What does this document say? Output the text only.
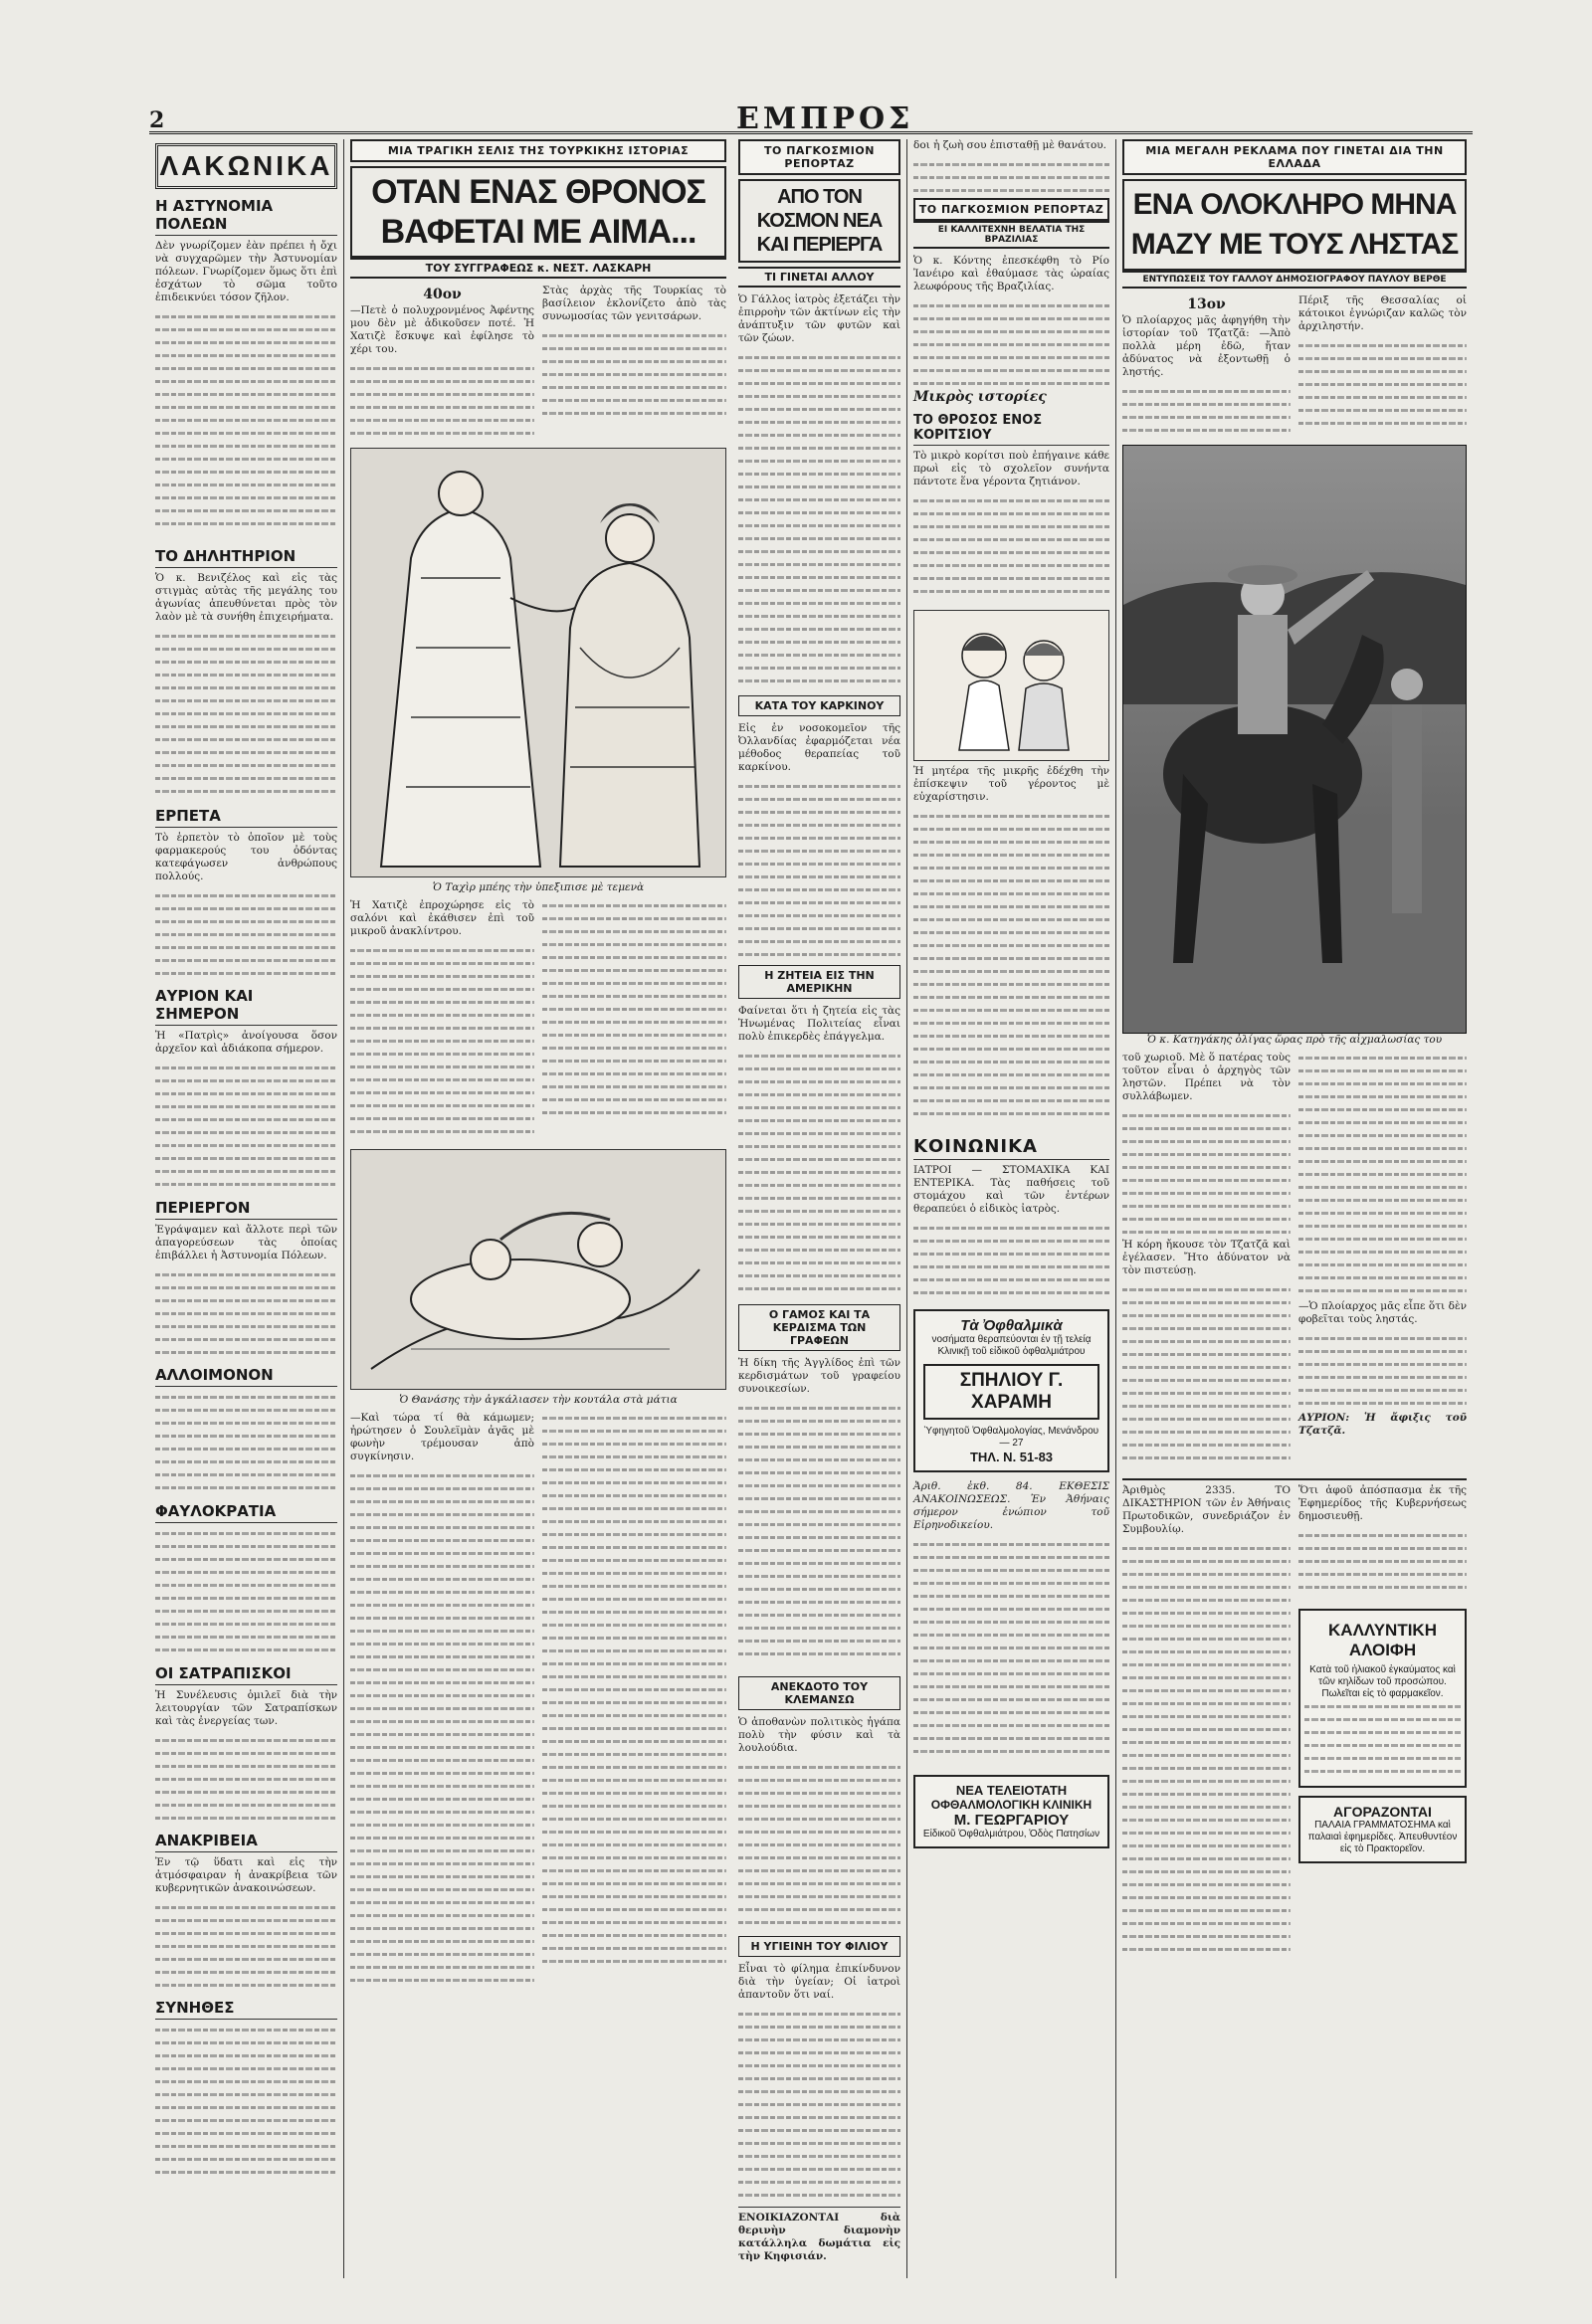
2	ΕΜΠΡΟΣ
ΛΑΚΩΝΙΚΑ
Η ΑΣΤΥΝΟΜΙΑ ΠΟΛΕΩΝ

Δὲν γνωρίζομεν ἐὰν πρέπει ἡ ὄχι νὰ συγχαρῶμεν τὴν Ἀστυνομίαν πόλεων. Γνωρίζομεν ὅμως ὅτι ἐπὶ ἐσχάτων τὸ σῶμα τοῦτο ἐπιδεικνύει τόσον ζῆλον.

ΤΟ ΔΗΛΗΤΗΡΙΟΝ

Ὁ κ. Βενιζέλος καὶ εἰς τὰς στιγμὰς αὐτὰς τῆς μεγάλης του ἀγωνίας ἀπευθύνεται πρὸς τὸν λαὸν μὲ τὰ συνήθη ἐπιχειρήματα.

ΕΡΠΕΤΑ

Τὸ ἑρπετὸν τὸ ὁποῖον μὲ τοὺς φαρμακερούς του ὀδόντας κατεφάγωσεν ἀνθρώπους πολλούς.

ΑΥΡΙΟΝ ΚΑΙ ΣΗΜΕΡΟΝ

Ἡ «Πατρὶς» ἀνοίγουσα ὅσον ἀρχεῖον καὶ ἀδιάκοπα σήμερον.

ΠΕΡΙΕΡΓΟΝ

Ἐγράψαμεν καὶ ἄλλοτε περὶ τῶν ἀπαγορεύσεων τὰς ὁποίας ἐπιβάλλει ἡ Ἀστυνομία Πόλεων.

ΑΛΛΟΙΜΟΝΟΝ
ΦΑΥΛΟΚΡΑΤΙΑ
ΟΙ ΣΑΤΡΑΠΙΣΚΟΙ

Ἡ Συνέλευσις ὁμιλεῖ διὰ τὴν λειτουργίαν τῶν Σατραπίσκων καὶ τὰς ἐνεργείας των.

ΑΝΑΚΡΙΒΕΙΑ

Ἐν τῷ ὕδατι καὶ εἰς τὴν ἀτμόσφαιραν ἡ ἀνακρίβεια τῶν κυβερνητικῶν ἀνακοινώσεων.

ΣΥΝΗΘΕΣ
ΜΙΑ ΤΡΑΓΙΚΗ ΣΕΛΙΣ ΤΗΣ ΤΟΥΡΚΙΚΗΣ ΙΣΤΟΡΙΑΣ
ΟΤΑΝ ΕΝΑΣ ΘΡΟΝΟΣ
ΒΑΦΕΤΑΙ ΜΕ ΑΙΜΑ...
ΤΟΥ ΣΥΓΓΡΑΦΕΩΣ κ. ΝΕΣΤ. ΛΑΣΚΑΡΗ
40ον

—Πετὲ ὁ πολυχρονμένος Ἀφέντης μου δὲν μὲ ἀδικοῦσεν ποτέ. Ἡ Χατιζὲ ἔσκυψε καὶ ἐφίλησε τὸ χέρι του.

Στὰς ἀρχὰς τῆς Τουρκίας τὸ βασίλειον ἐκλονίζετο ἀπὸ τὰς συνωμοσίας τῶν γενιτσάρων.

Ὁ Ταχὶρ μπέης τὴν ὑπεξιπισε μὲ τεμενὰ

Ἡ Χατιζὲ ἐπροχώρησε εἰς τὸ σαλόνι καὶ ἐκάθισεν ἐπὶ τοῦ μικροῦ ἀνακλίντρου.

Ὁ Θανάσης τὴν ἀγκάλιασεν τὴν κουτάλα στὰ μάτια

—Καὶ τώρα τί θὰ κάμωμεν; ἠρώτησεν ὁ Σουλεϊμὰν ἀγᾶς μὲ φωνὴν τρέμουσαν ἀπὸ συγκίνησιν.

ΤΟ ΠΑΓΚΟΣΜΙΟΝ ΡΕΠΟΡΤΑΖ
ΑΠΟ ΤΟΝ ΚΟΣΜΟΝ ΝΕΑ ΚΑΙ ΠΕΡΙΕΡΓΑ
ΤΙ ΓΙΝΕΤΑΙ ΑΛΛΟΥ

Ὁ Γάλλος ἰατρὸς ἐξετάζει τὴν ἐπιρροὴν τῶν ἀκτίνων εἰς τὴν ἀνάπτυξιν τῶν φυτῶν καὶ τῶν ζώων.

ΚΑΤΑ ΤΟΥ ΚΑΡΚΙΝΟΥ

Εἰς ἐν νοσοκομεῖον τῆς Ὀλλανδίας ἐφαρμόζεται νέα μέθοδος θεραπείας τοῦ καρκίνου.

Η ΖΗΤΕΙΑ ΕΙΣ ΤΗΝ ΑΜΕΡΙΚΗΝ

Φαίνεται ὅτι ἡ ζητεία εἰς τὰς Ἡνωμένας Πολιτείας εἶναι πολὺ ἐπικερδὲς ἐπάγγελμα.

Ο ΓΑΜΟΣ ΚΑΙ ΤΑ ΚΕΡΔΙΣΜΑ ΤΩΝ ΓΡΑΦΕΩΝ

Ἡ δίκη τῆς Ἀγγλίδος ἐπὶ τῶν κερδισμάτων τοῦ γραφείου συνοικεσίων.

ΑΝΕΚΔΟΤΟ ΤΟΥ ΚΛΕΜΑΝΣΩ

Ὁ ἀποθανὼν πολιτικὸς ἠγάπα πολὺ τὴν φύσιν καὶ τὰ λουλούδια.

Η ΥΓΙΕΙΝΗ ΤΟΥ ΦΙΛΙΟΥ

Εἶναι τὸ φίλημα ἐπικίνδυνον διὰ τὴν ὑγείαν; Οἱ ἰατροὶ ἀπαντοῦν ὅτι ναί.

ΕΝΟΙΚΙΑΖΟΝΤΑΙ διὰ θερινὴν διαμονὴν κατάλληλα δωμάτια εἰς τὴν Κηφισιάν.

δοι ἡ ζωὴ σου ἐπισταθῇ μὲ θανάτου.

ΤΟ ΠΑΓΚΟΣΜΙΟΝ ΡΕΠΟΡΤΑΖ
ΕΙ ΚΑΛΛΙΤΕΧΝΗ ΒΕΛΑΤΙΑ ΤΗΣ ΒΡΑΖΙΛΙΑΣ

Ὁ κ. Κόντης ἐπεσκέφθη τὸ Ρίο Ἰανέιρο καὶ ἐθαύμασε τὰς ὡραίας λεωφόρους τῆς Βραζιλίας.

Μικρὸς ιστορίες
ΤΟ ΘΡΟΣΟΣ ΕΝΟΣ ΚΟΡΙΤΣΙΟΥ

Τὸ μικρὸ κορίτσι ποὺ ἐπήγαινε κάθε πρωὶ εἰς τὸ σχολεῖον συνήντα πάντοτε ἕνα γέροντα ζητιάνον.

Ἡ μητέρα τῆς μικρῆς ἐδέχθη τὴν ἐπίσκεψιν τοῦ γέροντος μὲ εὐχαρίστησιν.

ΚΟΙΝΩΝΙΚΑ

ΙΑΤΡΟΙ — ΣΤΟΜΑΧΙΚΑ ΚΑΙ ΕΝΤΕΡΙΚΑ. Τὰς παθήσεις τοῦ στομάχου καὶ τῶν ἐντέρων θεραπεύει ὁ εἰδικὸς ἰατρὸς.

Τὰ Ὀφθαλμικὰ
νοσήματα θεραπεύονται ἐν τῇ τελείᾳ Κλινικῇ τοῦ εἰδικοῦ ὀφθαλμιάτρου
ΣΠΗΛΙΟΥ Γ. ΧΑΡΑΜΗ
Ὑφηγητοῦ Ὀφθαλμολογίας, Μενάνδρου — 27
ΤΗΛ. Ν. 51-83

Ἀριθ. ἐκθ. 84. ΕΚΘΕΣΙΣ ΑΝΑΚΟΙΝΩΣΕΩΣ. Ἐν Ἀθήναις σήμερον ἐνώπιον τοῦ Εἰρηνοδικείου.

ΝΕΑ ΤΕΛΕΙΟΤΑΤΗ
ΟΦΘΑΛΜΟΛΟΓΙΚΗ ΚΛΙΝΙΚΗ
Μ. ΓΕΩΡΓΑΡΙΟΥ
Εἰδικοῦ Ὀφθαλμιάτρου, Ὁδὸς Πατησίων
ΜΙΑ ΜΕΓΑΛΗ ΡΕΚΛΑΜΑ ΠΟΥ ΓΙΝΕΤΑΙ ΔΙΑ ΤΗΝ ΕΛΛΑΔΑ
ΕΝΑ ΟΛΟΚΛΗΡΟ ΜΗΝΑ
ΜΑΖΥ ΜΕ ΤΟΥΣ ΛΗΣΤΑΣ
ΕΝΤΥΠΩΣΕΙΣ ΤΟΥ ΓΑΛΛΟΥ ΔΗΜΟΣΙΟΓΡΑΦΟΥ ΠΑΥΛΟΥ ΒΕΡΘΕ
13ον

Ὁ πλοίαρχος μᾶς ἀφηγήθη τὴν ἱστορίαν τοῦ Τζατζᾶ: —Ἀπὸ πολλὰ μέρη ἐδῶ, ἤταν ἀδύνατος νὰ ἐξοντωθῇ ὁ ληστής.

Πέριξ τῆς Θεσσαλίας οἱ κάτοικοι ἐγνώριζαν καλῶς τὸν ἀρχιληστήν.

Ὁ κ. Κατηγάκης ὀλίγας ὥρας πρὸ τῆς αἰχμαλωσίας του

τοῦ χωριοῦ. Μὲ ὅ πατέρας τοὺς τοῦτον εἶναι ὁ ἀρχηγὸς τῶν ληστῶν. Πρέπει νὰ τὸν συλλάβωμεν.

Ἡ κόρη ἤκουσε τὸν Τζατζᾶ καὶ ἐγέλασεν. Ἤτο ἀδύνατον νὰ τὸν πιστεύσῃ.

—Ὁ πλοίαρχος μᾶς εἶπε ὅτι δὲν φοβεῖται τοὺς ληστάς.

ΑΥΡΙΟΝ: Ἡ ἄφιξις τοῦ Τζατζᾶ.

Ἀριθμὸς 2335. ΤΟ ΔΙΚΑΣΤΗΡΙΟΝ τῶν ἐν Ἀθήναις Πρωτοδικῶν, συνεδριάζον ἐν Συμβουλίῳ.

Ὅτι ἀφοῦ ἀπόσπασμα ἐκ τῆς Ἐφημερίδος τῆς Κυβερνήσεως δημοσιευθῇ.

ΚΑΛΛΥΝΤΙΚΗ ΑΛΟΙΦΗ
Κατὰ τοῦ ἡλιακοῦ ἐγκαύματος καὶ τῶν κηλίδων τοῦ προσώπου. Πωλεῖται εἰς τὸ φαρμακεῖον.
ΑΓΟΡΑΖΟΝΤΑΙ
ΠΑΛΑΙΑ ΓΡΑΜΜΑΤΟΣΗΜΑ καὶ παλαιαὶ ἐφημερίδες. Ἀπευθυντέον εἰς τὸ Πρακτορεῖον.
